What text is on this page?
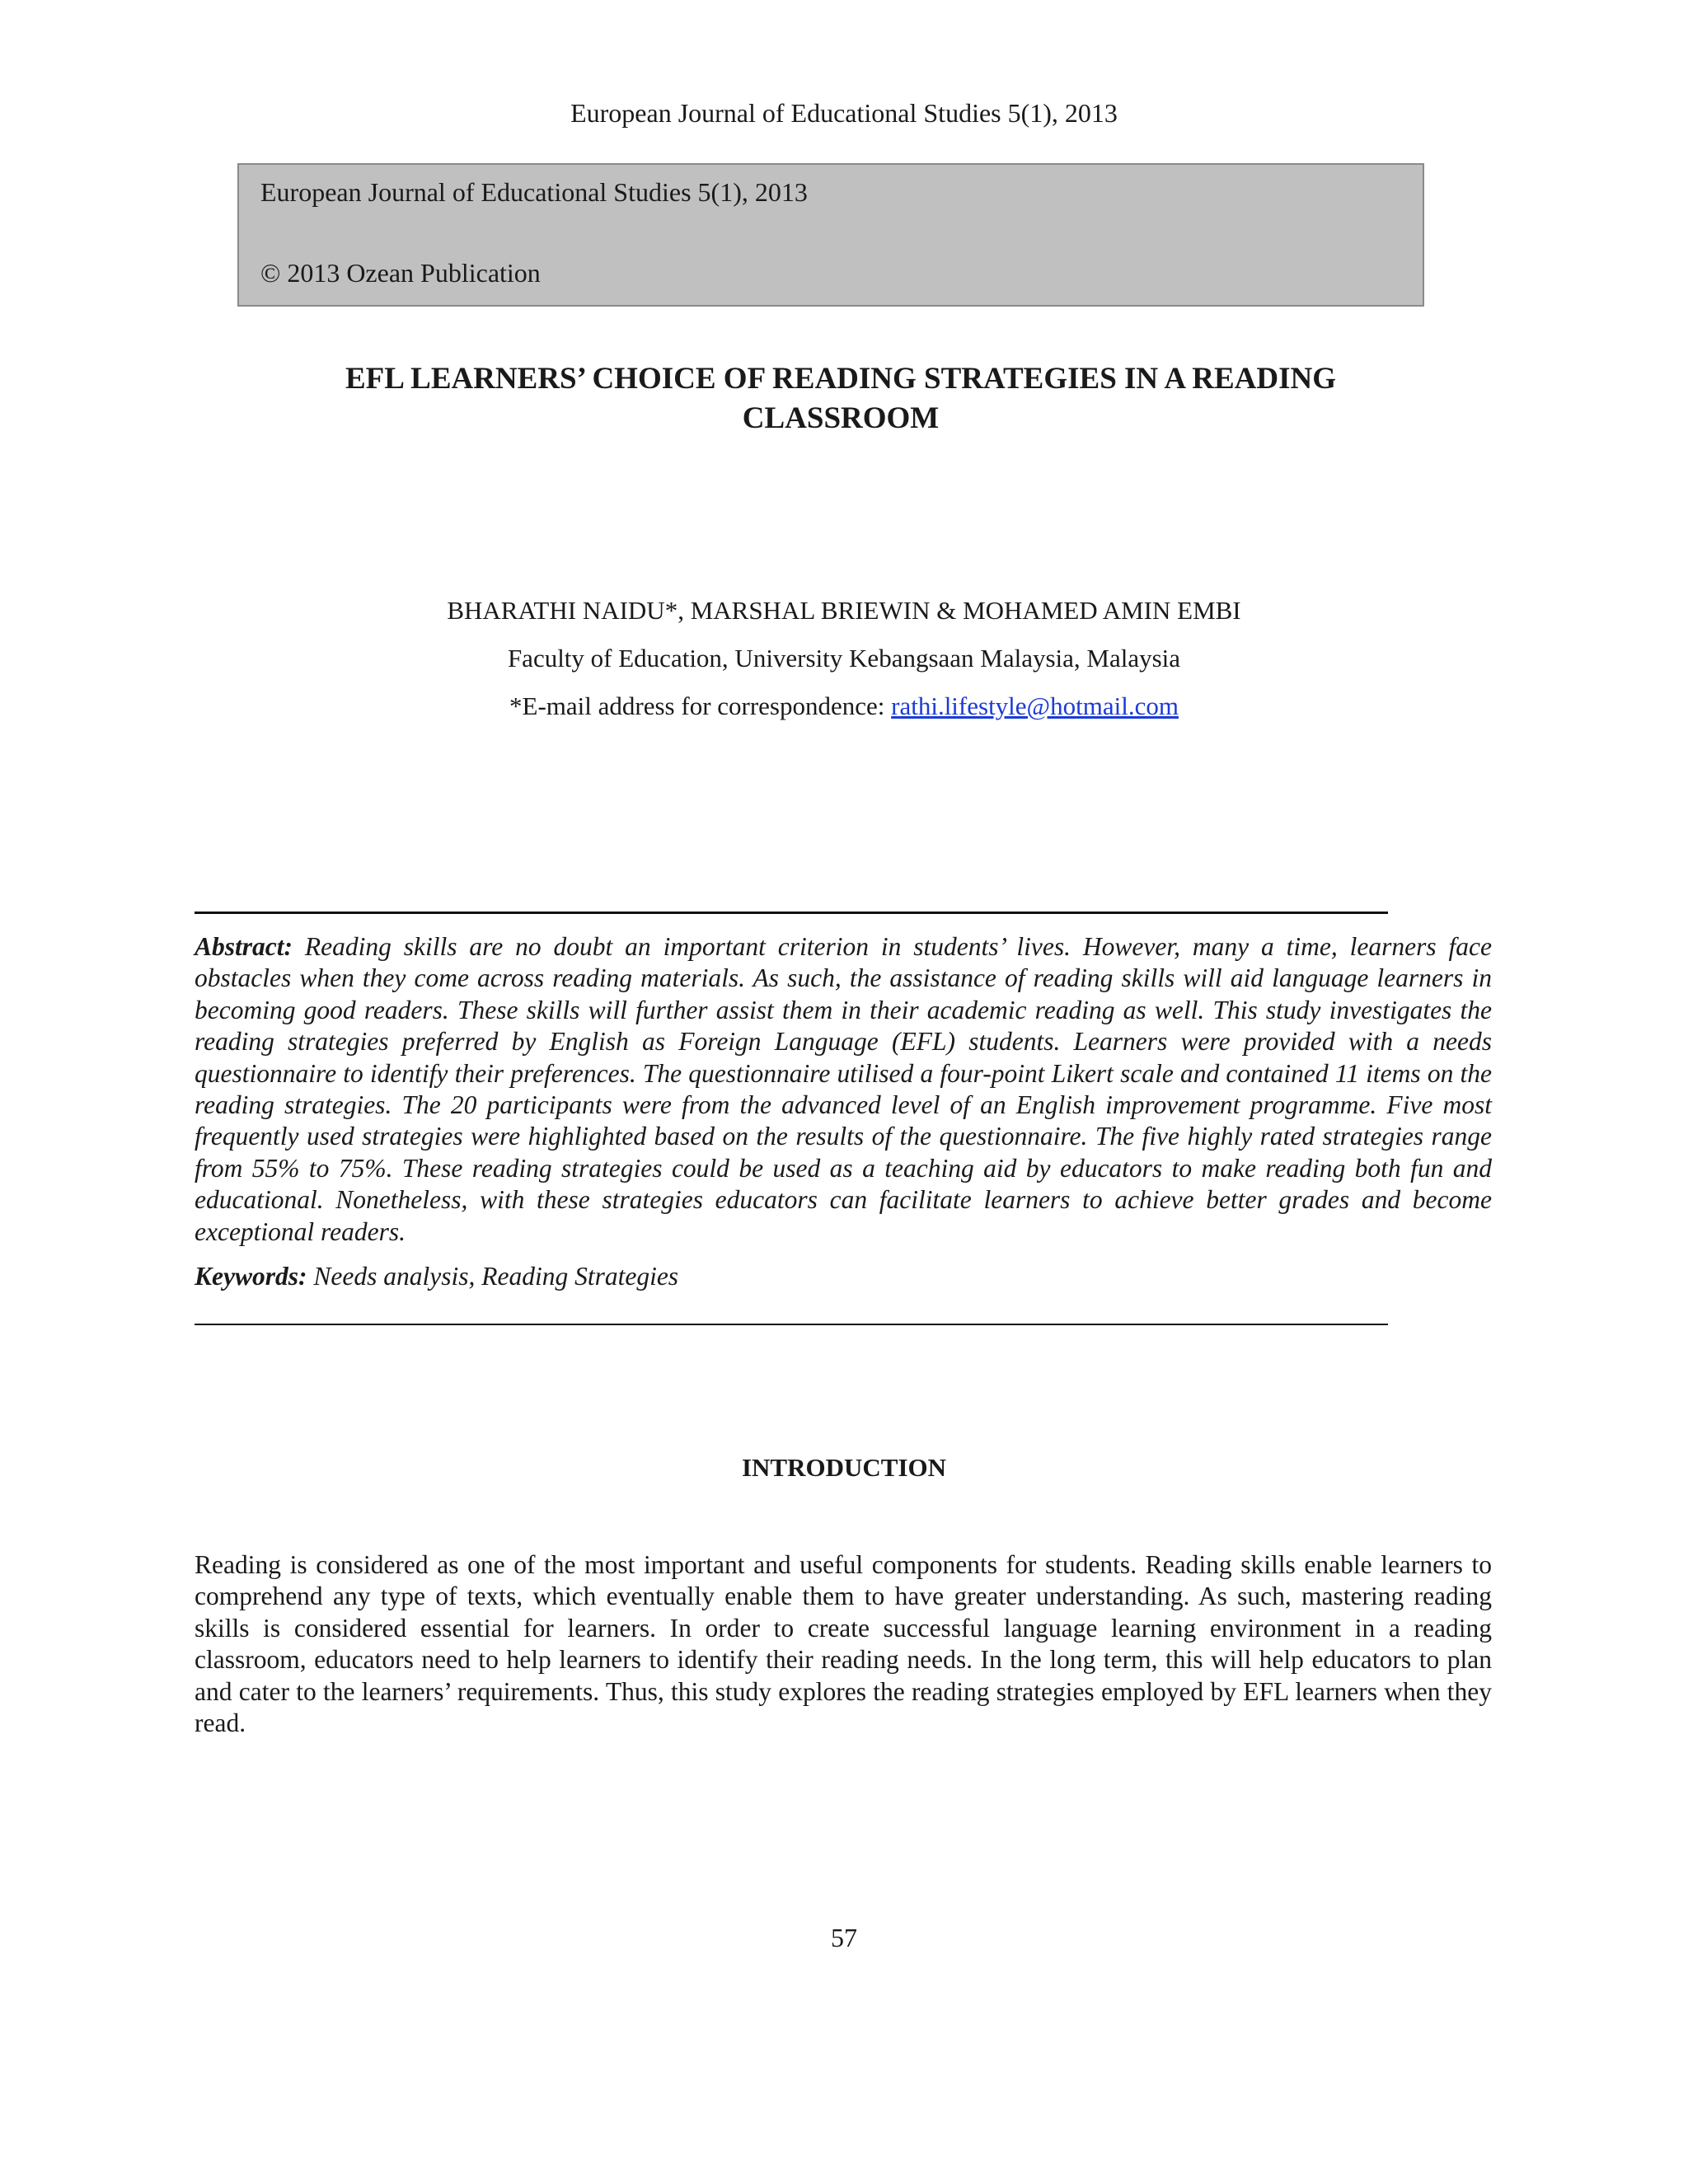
European Journal of Educational Studies 5(1), 2013
European Journal of Educational Studies 5(1), 2013
© 2013 Ozean Publication
EFL LEARNERS’ CHOICE OF READING STRATEGIES IN A READING CLASSROOM
BHARATHI NAIDU*, MARSHAL BRIEWIN & MOHAMED AMIN EMBI
Faculty of Education, University Kebangsaan Malaysia, Malaysia
*E-mail address for correspondence: rathi.lifestyle@hotmail.com
Abstract: Reading skills are no doubt an important criterion in students’ lives. However, many a time, learners face obstacles when they come across reading materials. As such, the assistance of reading skills will aid language learners in becoming good readers. These skills will further assist them in their academic reading as well. This study investigates the reading strategies preferred by English as Foreign Language (EFL) students. Learners were provided with a needs questionnaire to identify their preferences. The questionnaire utilised a four-point Likert scale and contained 11 items on the reading strategies. The 20 participants were from the advanced level of an English improvement programme. Five most frequently used strategies were highlighted based on the results of the questionnaire. The five highly rated strategies range from 55% to 75%. These reading strategies could be used as a teaching aid by educators to make reading both fun and educational. Nonetheless, with these strategies educators can facilitate learners to achieve better grades and become exceptional readers.
Keywords: Needs analysis, Reading Strategies
INTRODUCTION
Reading is considered as one of the most important and useful components for students. Reading skills enable learners to comprehend any type of texts, which eventually enable them to have greater understanding. As such, mastering reading skills is considered essential for learners. In order to create successful language learning environment in a reading classroom, educators need to help learners to identify their reading needs. In the long term, this will help educators to plan and cater to the learners’ requirements. Thus, this study explores the reading strategies employed by EFL learners when they read.
57
